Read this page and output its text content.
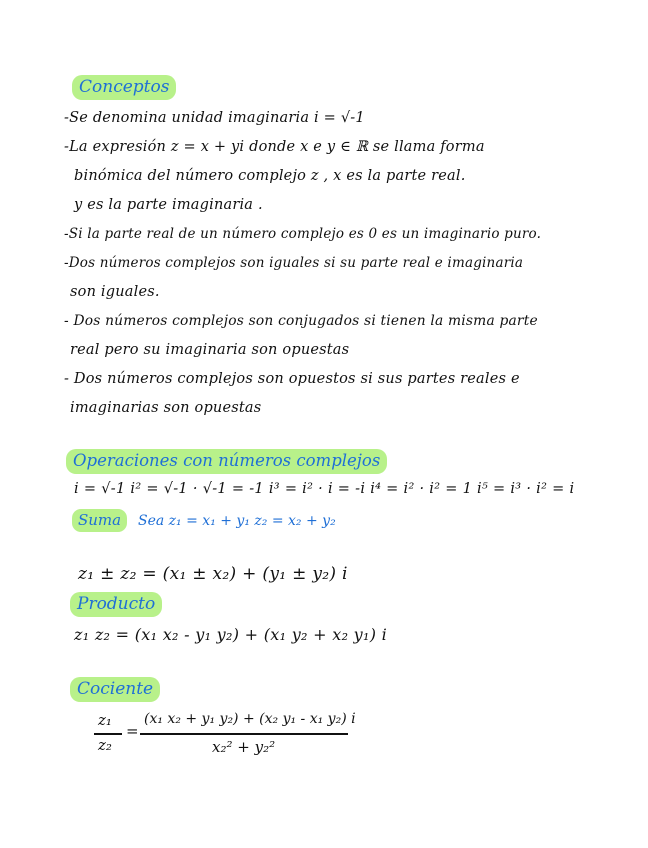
Conceptos
-Se denomina unidad imaginaria i = √-1
-La expresión z = x + yi donde x e y ∈ ℝ se llama forma
binómica del número complejo z , x es la parte real.
y es la parte imaginaria .
-Si la parte real de un número complejo es 0 es un imaginario puro.
-Dos números complejos son iguales si su parte real e imaginaria
son iguales.
- Dos números complejos son conjugados si tienen la misma parte
real pero su imaginaria son opuestas
- Dos números complejos son opuestos si sus partes reales e
imaginarias son opuestas
Operaciones con números complejos
i = √-1 i² = √-1 · √-1 = -1 i³ = i² · i = -i i⁴ = i² · i² = 1 i⁵ = i³ · i² = i
Suma	Sea z₁ = x₁ + y₁ z₂ = x₂ + y₂
z₁ ± z₂ = (x₁ ± x₂) + (y₁ ± y₂) i
Producto
z₁ z₂ = (x₁ x₂ - y₁ y₂) + (x₁ y₂ + x₂ y₁) i
Cociente
z₁
z₂
=
(x₁ x₂ + y₁ y₂) + (x₂ y₁ - x₁ y₂) i
x₂² + y₂²
